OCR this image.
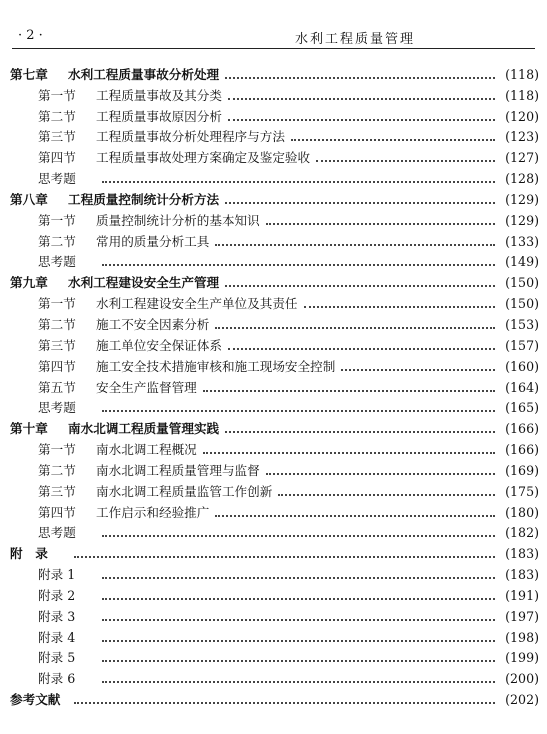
· 2 ·	水利工程质量管理
第七章	水利工程质量事故分析处理	(118)
第一节	工程质量事故及其分类	(118)
第二节	工程质量事故原因分析	(120)
第三节	工程质量事故分析处理程序与方法	(123)
第四节	工程质量事故处理方案确定及鉴定验收	(127)
思考题	(128)
第八章	工程质量控制统计分析方法	(129)
第一节	质量控制统计分析的基本知识	(129)
第二节	常用的质量分析工具	(133)
思考题	(149)
第九章	水利工程建设安全生产管理	(150)
第一节	水利工程建设安全生产单位及其责任	(150)
第二节	施工不安全因素分析	(153)
第三节	施工单位安全保证体系	(157)
第四节	施工安全技术措施审核和施工现场安全控制	(160)
第五节	安全生产监督管理	(164)
思考题	(165)
第十章	南水北调工程质量管理实践	(166)
第一节	南水北调工程概况	(166)
第二节	南水北调工程质量管理与监督	(169)
第三节	南水北调工程质量监管工作创新	(175)
第四节	工作启示和经验推广	(180)
思考题	(182)
附　录	(183)
附录 1	(183)
附录 2	(191)
附录 3	(197)
附录 4	(198)
附录 5	(199)
附录 6	(200)
参考文献	(202)
